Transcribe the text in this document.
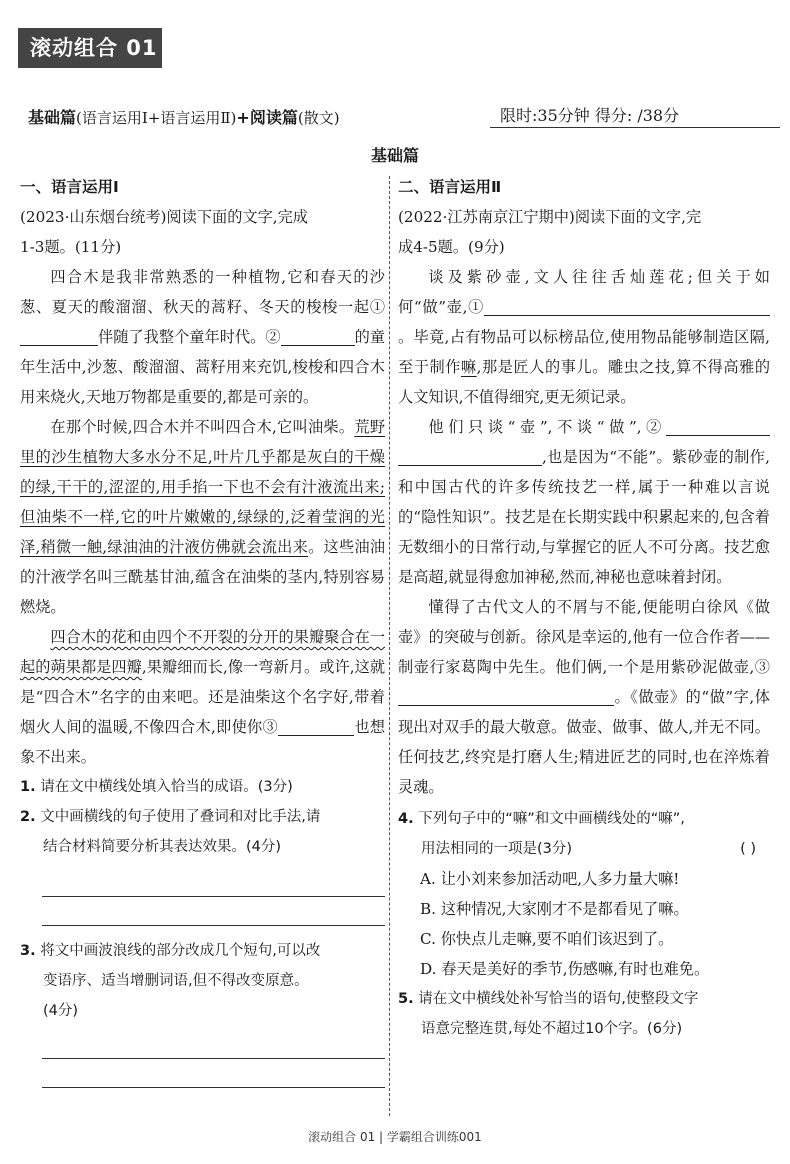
滚动组合 01
基础篇(语言运用Ⅰ+语言运用Ⅱ)+阅读篇(散文)	限时:35分钟 得分: /38分
基础篇
一、语言运用Ⅰ

(2023·山东烟台统考)阅读下面的文字,完成
1-3题。(11分)

四合木是我非常熟悉的一种植物,它和春天的沙葱、夏天的酸溜溜、秋天的蒿籽、冬天的梭梭一起①伴随了我整个童年时代。②	的童年生活中,沙葱、酸溜溜、蒿籽用来充饥,梭梭和四合木用来烧火,天地万物都是重要的,都是可亲的。

在那个时候,四合木并不叫四合木,它叫油柴。荒野里的沙生植物大多水分不足,叶片几乎都是灰白的干燥的绿,干干的,涩涩的,用手掐一下也不会有汁液流出来;但油柴不一样,它的叶片嫩嫩的,绿绿的,泛着莹润的光泽,稍微一触,绿油油的汁液仿佛就会流出来。这些油油的汁液学名叫三酰基甘油,蕴含在油柴的茎内,特别容易燃烧。

四合木的花和由四个不开裂的分开的果瓣聚合在一起的蒴果都是四瓣,果瓣细而长,像一弯新月。或许,这就是“四合木”名字的由来吧。还是油柴这个名字好,带着烟火人间的温暖,不像四合木,即使你③	也想象不出来。

1. 请在文中横线处填入恰当的成语。(3分)
2. 文中画横线的句子使用了叠词和对比手法,请
结合材料简要分析其表达效果。(4分)
3. 将文中画波浪线的部分改成几个短句,可以改
变语序、适当增删词语,但不得改变原意。
(4分)
二、语言运用Ⅱ

(2022·江苏南京江宁期中)阅读下面的文字,完
成4-5题。(9分)

谈及紫砂壶,文人往往舌灿莲花;但关于如何“做”壶,①。毕竟,占有物品可以标榜品位,使用物品能够制造区隔,至于制作嘛,那是匠人的事儿。雕虫之技,算不得高雅的人文知识,不值得细究,更无须记录。

他们只谈“壶”,不谈“做”,②,也是因为“不能”。紫砂壶的制作,和中国古代的许多传统技艺一样,属于一种难以言说的“隐性知识”。技艺是在长期实践中积累起来的,包含着无数细小的日常行动,与掌握它的匠人不可分离。技艺愈是高超,就显得愈加神秘,然而,神秘也意味着封闭。

懂得了古代文人的不屑与不能,便能明白徐风《做壶》的突破与创新。徐风是幸运的,他有一位合作者——制壶行家葛陶中先生。他们俩,一个是用紫砂泥做壶,③。《做壶》的“做”字,体现出对双手的最大敬意。做壶、做事、做人,并无不同。任何技艺,终究是打磨人生;精进匠艺的同时,也在淬炼着灵魂。

4. 下列句子中的“嘛”和文中画横线处的“嘛”,
用法相同的一项是(3分)	( )
A. 让小刘来参加活动吧,人多力量大嘛!
B. 这种情况,大家刚才不是都看见了嘛。
C. 你快点儿走嘛,要不咱们该迟到了。
D. 春天是美好的季节,伤感嘛,有时也难免。
5. 请在文中横线处补写恰当的语句,使整段文字
语意完整连贯,每处不超过10个字。(6分)
滚动组合 01 | 学霸组合训练001
